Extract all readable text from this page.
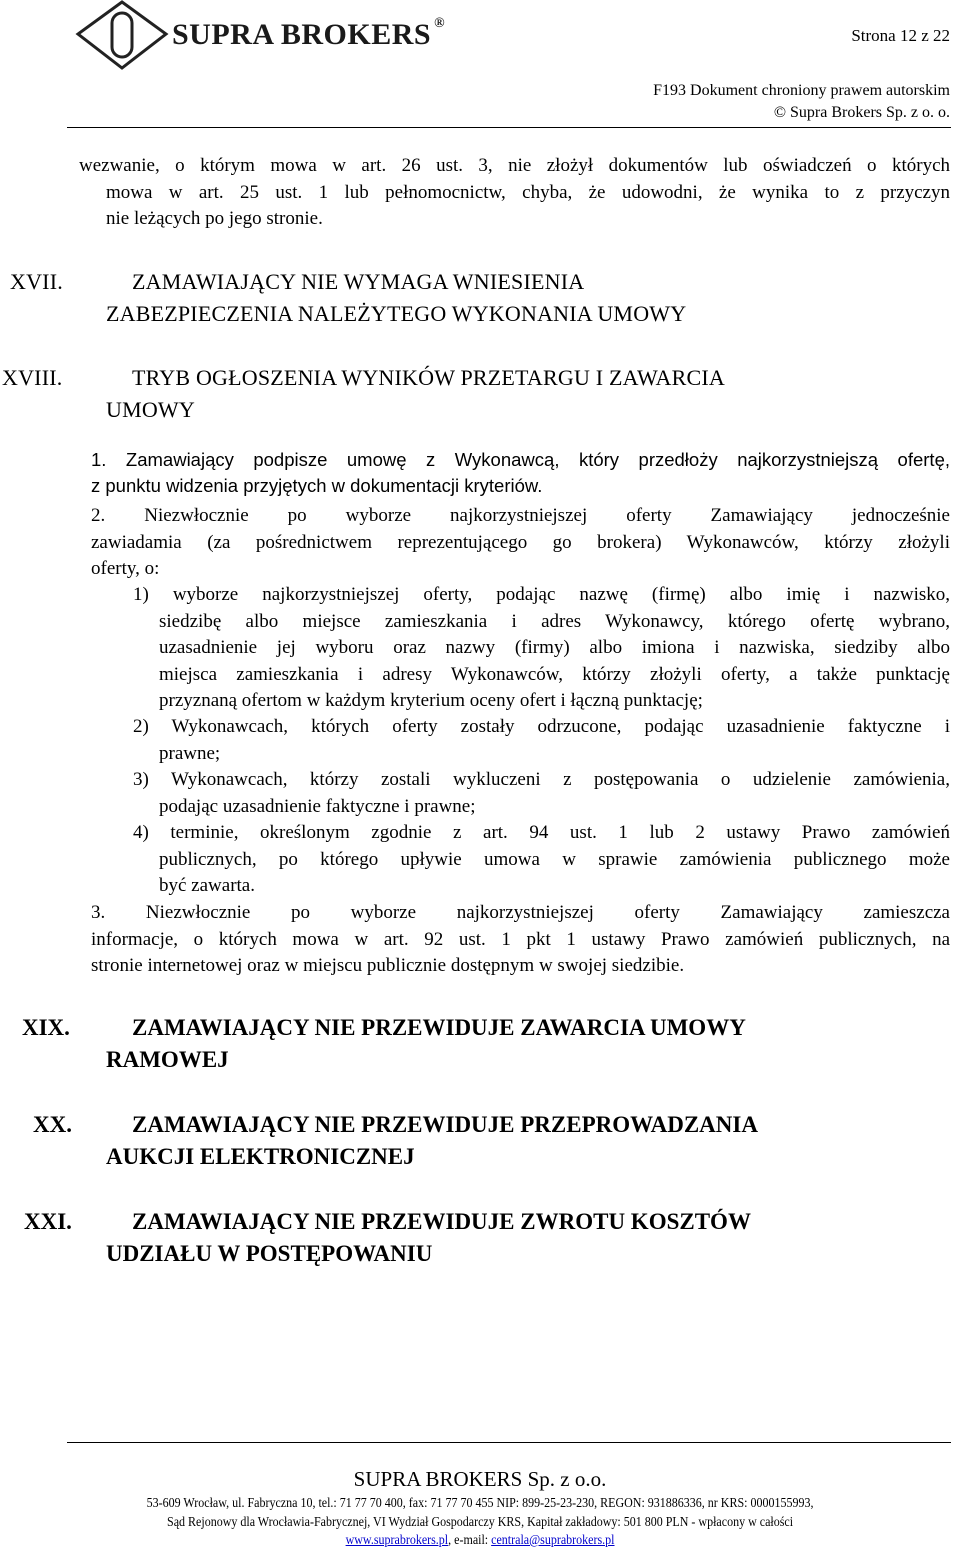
SUPRA BROKERS ®
Strona 12 z 22
F193 Dokument chroniony prawem autorskim
© Supra Brokers Sp. z o. o.
wezwanie, o którym mowa w art. 26 ust. 3, nie złożył dokumentów lub oświadczeń o których
mowa w art. 25 ust. 1 lub pełnomocnictw, chyba, że udowodni, że wynika to z przyczyn
nie leżących po jego stronie.
XVII.	ZAMAWIAJĄCY NIE WYMAGA WNIESIENIA
ZABEZPIECZENIA NALEŻYTEGO WYKONANIA UMOWY
XVIII.	TRYB OGŁOSZENIA WYNIKÓW PRZETARGU I ZAWARCIA
UMOWY
1. Zamawiający podpisze umowę z Wykonawcą, który przedłoży najkorzystniejszą ofertę,
z punktu widzenia przyjętych w dokumentacji kryteriów.
2. Niezwłocznie po wyborze najkorzystniejszej oferty Zamawiający jednocześnie
zawiadamia (za pośrednictwem reprezentującego go brokera) Wykonawców, którzy złożyli
oferty, o:
1) wyborze najkorzystniejszej oferty, podając nazwę (firmę) albo imię i nazwisko,
siedzibę albo miejsce zamieszkania i adres Wykonawcy, którego ofertę wybrano,
uzasadnienie jej wyboru oraz nazwy (firmy) albo imiona i nazwiska, siedziby albo
miejsca zamieszkania i adresy Wykonawców, którzy złożyli oferty, a także punktację
przyznaną ofertom w każdym kryterium oceny ofert i łączną punktację;
2) Wykonawcach, których oferty zostały odrzucone, podając uzasadnienie faktyczne i
prawne;
3) Wykonawcach, którzy zostali wykluczeni z postępowania o udzielenie zamówienia,
podając uzasadnienie faktyczne i prawne;
4) terminie, określonym zgodnie z art. 94 ust. 1 lub 2 ustawy Prawo zamówień
publicznych, po którego upływie umowa w sprawie zamówienia publicznego może
być zawarta.
3. Niezwłocznie po wyborze najkorzystniejszej oferty Zamawiający zamieszcza
informacje, o których mowa w art. 92 ust. 1 pkt 1 ustawy Prawo zamówień publicznych, na
stronie internetowej oraz w miejscu publicznie dostępnym w swojej siedzibie.
XIX.	ZAMAWIAJĄCY NIE PRZEWIDUJE ZAWARCIA UMOWY
RAMOWEJ
XX.	ZAMAWIAJĄCY NIE PRZEWIDUJE PRZEPROWADZANIA
AUKCJI ELEKTRONICZNEJ
XXI.	ZAMAWIAJĄCY NIE PRZEWIDUJE ZWROTU KOSZTÓW
UDZIAŁU W POSTĘPOWANIU
SUPRA BROKERS Sp. z o.o.
53-609 Wrocław, ul. Fabryczna 10, tel.: 71 77 70 400, fax: 71 77 70 455 NIP: 899-25-23-230, REGON: 931886336, nr KRS: 0000155993,
Sąd Rejonowy dla Wrocławia-Fabrycznej, VI Wydział Gospodarczy KRS, Kapitał zakładowy: 501 800 PLN - wpłacony w całości
www.suprabrokers.pl, e-mail: centrala@suprabrokers.pl
